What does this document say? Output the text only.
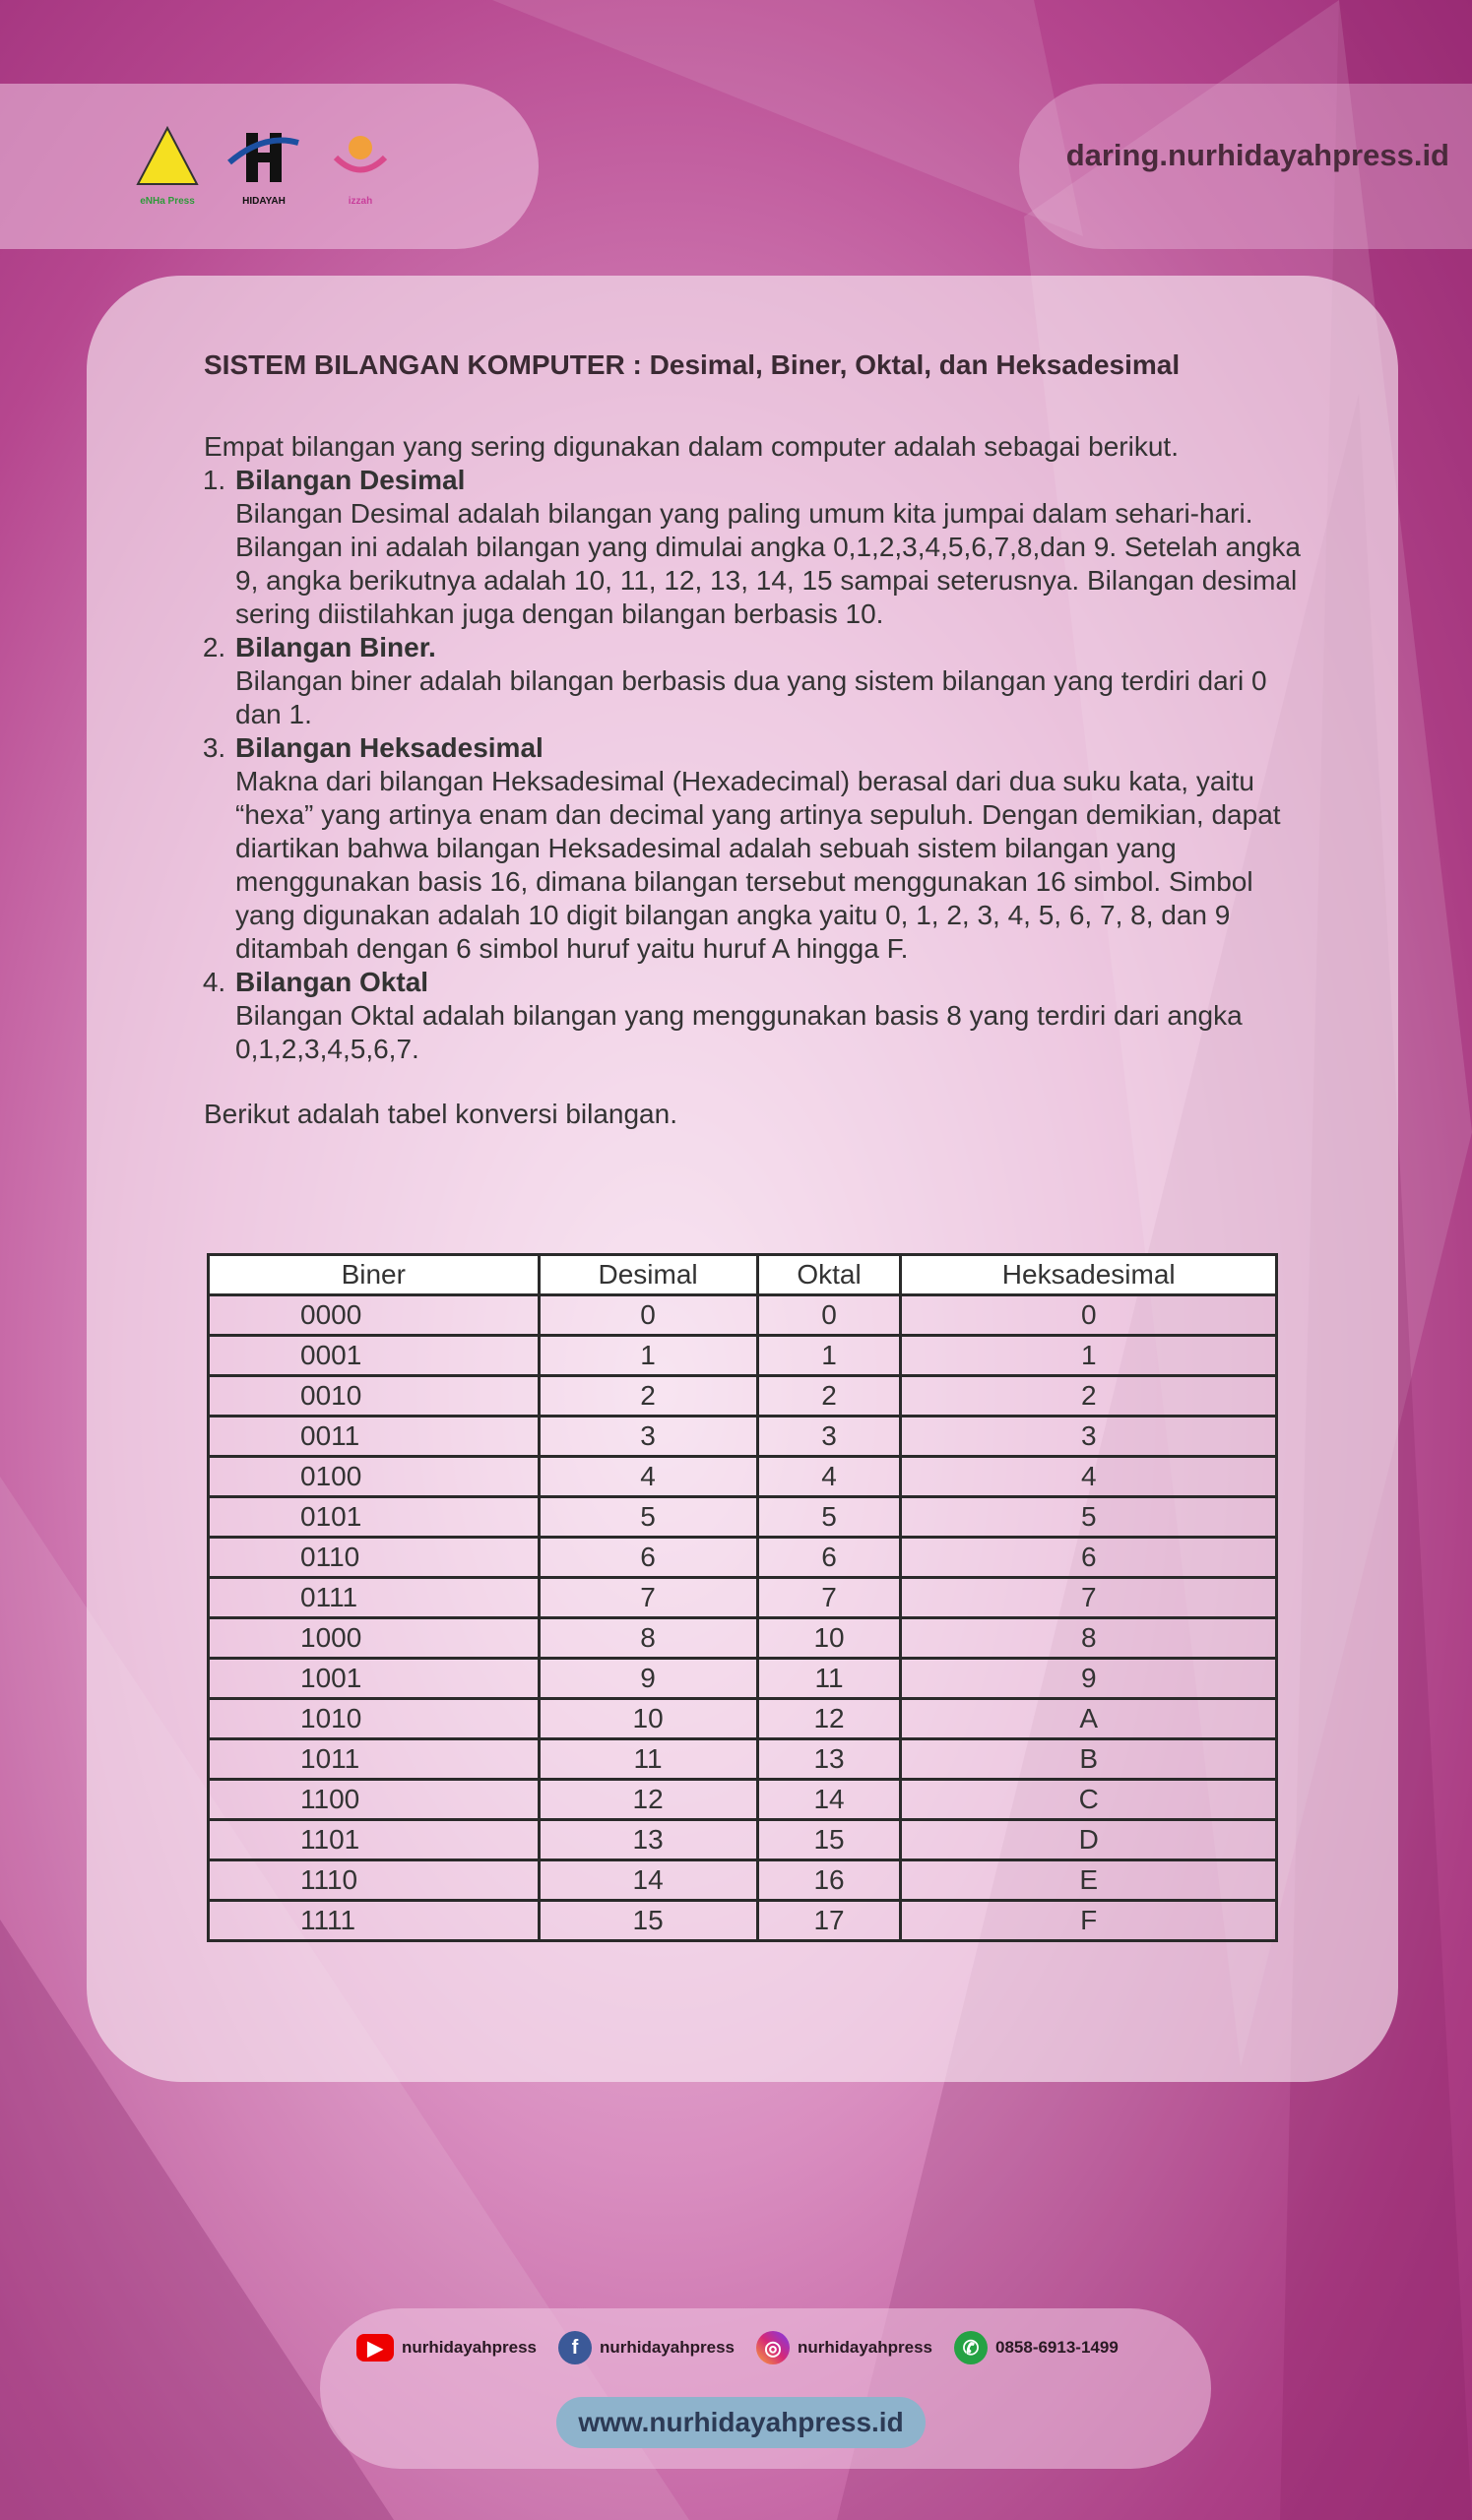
eNHa Press	HIDAYAH	izzah
daring.nurhidayahpress.id
SISTEM BILANGAN KOMPUTER : Desimal, Biner, Oktal, dan Heksadesimal
Empat bilangan yang sering digunakan dalam computer adalah sebagai berikut.
1. Bilangan Desimal
Bilangan Desimal adalah bilangan yang paling umum kita jumpai dalam sehari-hari. Bilangan ini adalah bilangan yang dimulai angka 0,1,2,3,4,5,6,7,8,dan 9. Setelah angka 9, angka berikutnya adalah 10, 11, 12, 13, 14, 15 sampai seterusnya. Bilangan desimal sering diistilahkan juga dengan bilangan berbasis 10.
2. Bilangan Biner.
Bilangan biner adalah bilangan berbasis dua yang sistem bilangan yang terdiri dari 0 dan 1.
3. Bilangan Heksadesimal
Makna dari bilangan Heksadesimal (Hexadecimal) berasal dari dua suku kata, yaitu “hexa” yang artinya enam dan decimal yang artinya sepuluh. Dengan demikian, dapat diartikan bahwa bilangan Heksadesimal adalah sebuah sistem bilangan yang menggunakan basis 16, dimana bilangan tersebut menggunakan 16 simbol. Simbol yang digunakan adalah 10 digit bilangan angka yaitu 0, 1, 2, 3, 4, 5, 6, 7, 8, dan 9 ditambah dengan 6 simbol huruf yaitu huruf A hingga F.
4. Bilangan Oktal
Bilangan Oktal adalah bilangan yang menggunakan basis 8 yang terdiri dari angka 0,1,2,3,4,5,6,7.
Berikut adalah tabel konversi bilangan.
Biner	Desimal	Oktal	Heksadesimal
0000	0	0	0
0001	1	1	1
0010	2	2	2
0011	3	3	3
0100	4	4	4
0101	5	5	5
0110	6	6	6
0111	7	7	7
1000	8	10	8
1001	9	11	9
1010	10	12	A
1011	11	13	B
1100	12	14	C
1101	13	15	D
1110	14	16	E
1111	15	17	F
▶	nurhidayahpress	f	nurhidayahpress	◎ nurhidayahpress	✆ 0858-6913-1499
www.nurhidayahpress.id
